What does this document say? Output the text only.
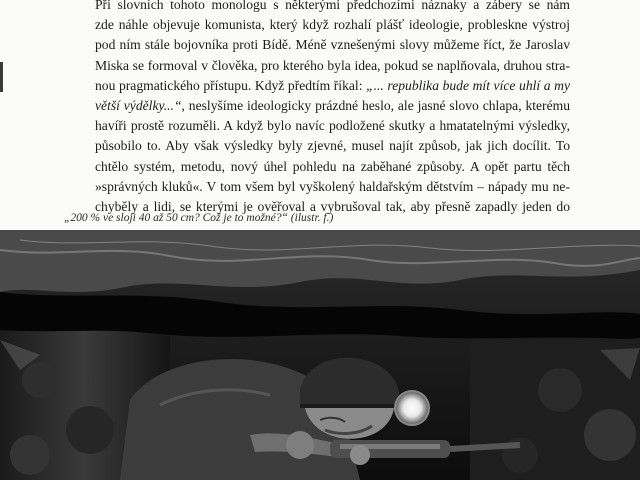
Při slovních tohoto monologu s některými předchozími náznaky a zábery se nám
zde náhle objevuje komunista, který když rozhalí plášť ideologie, probleskne výstroj
pod ním stále bojovníka proti Bídě. Méně vznešenými slovy můžeme říct, že Jaroslav
Miska se formoval v člověka, pro kterého byla idea, pokud se naplňovala, druhou stra-
nou pragmatického přístupu. Když předtím říkal: „... republika bude mít více uhlí a my
větší výdělky...“, neslyšíme ideologicky prázdné heslo, ale jasné slovo chlapa, kterému
havíři prostě rozuměli. A když bylo navíc podložené skutky a hmatatelnými výsledky,
působilo to. Aby však výsledky byly zjevné, musel najít způsob, jak jich docílit. To
chtělo systém, metodu, nový úhel pohledu na zaběhané způsoby. A opět partu těch
»správných kluků«. V tom všem byl vyškolený haldařským dětstvím – nápady mu ne-
chyběly a lidi, se kterými je ověřoval a vybrušoval tak, aby přesně zapadly jeden do
„200 % ve sloji 40 až 50 cm? Což je to možné?“ (ilustr. f.)
